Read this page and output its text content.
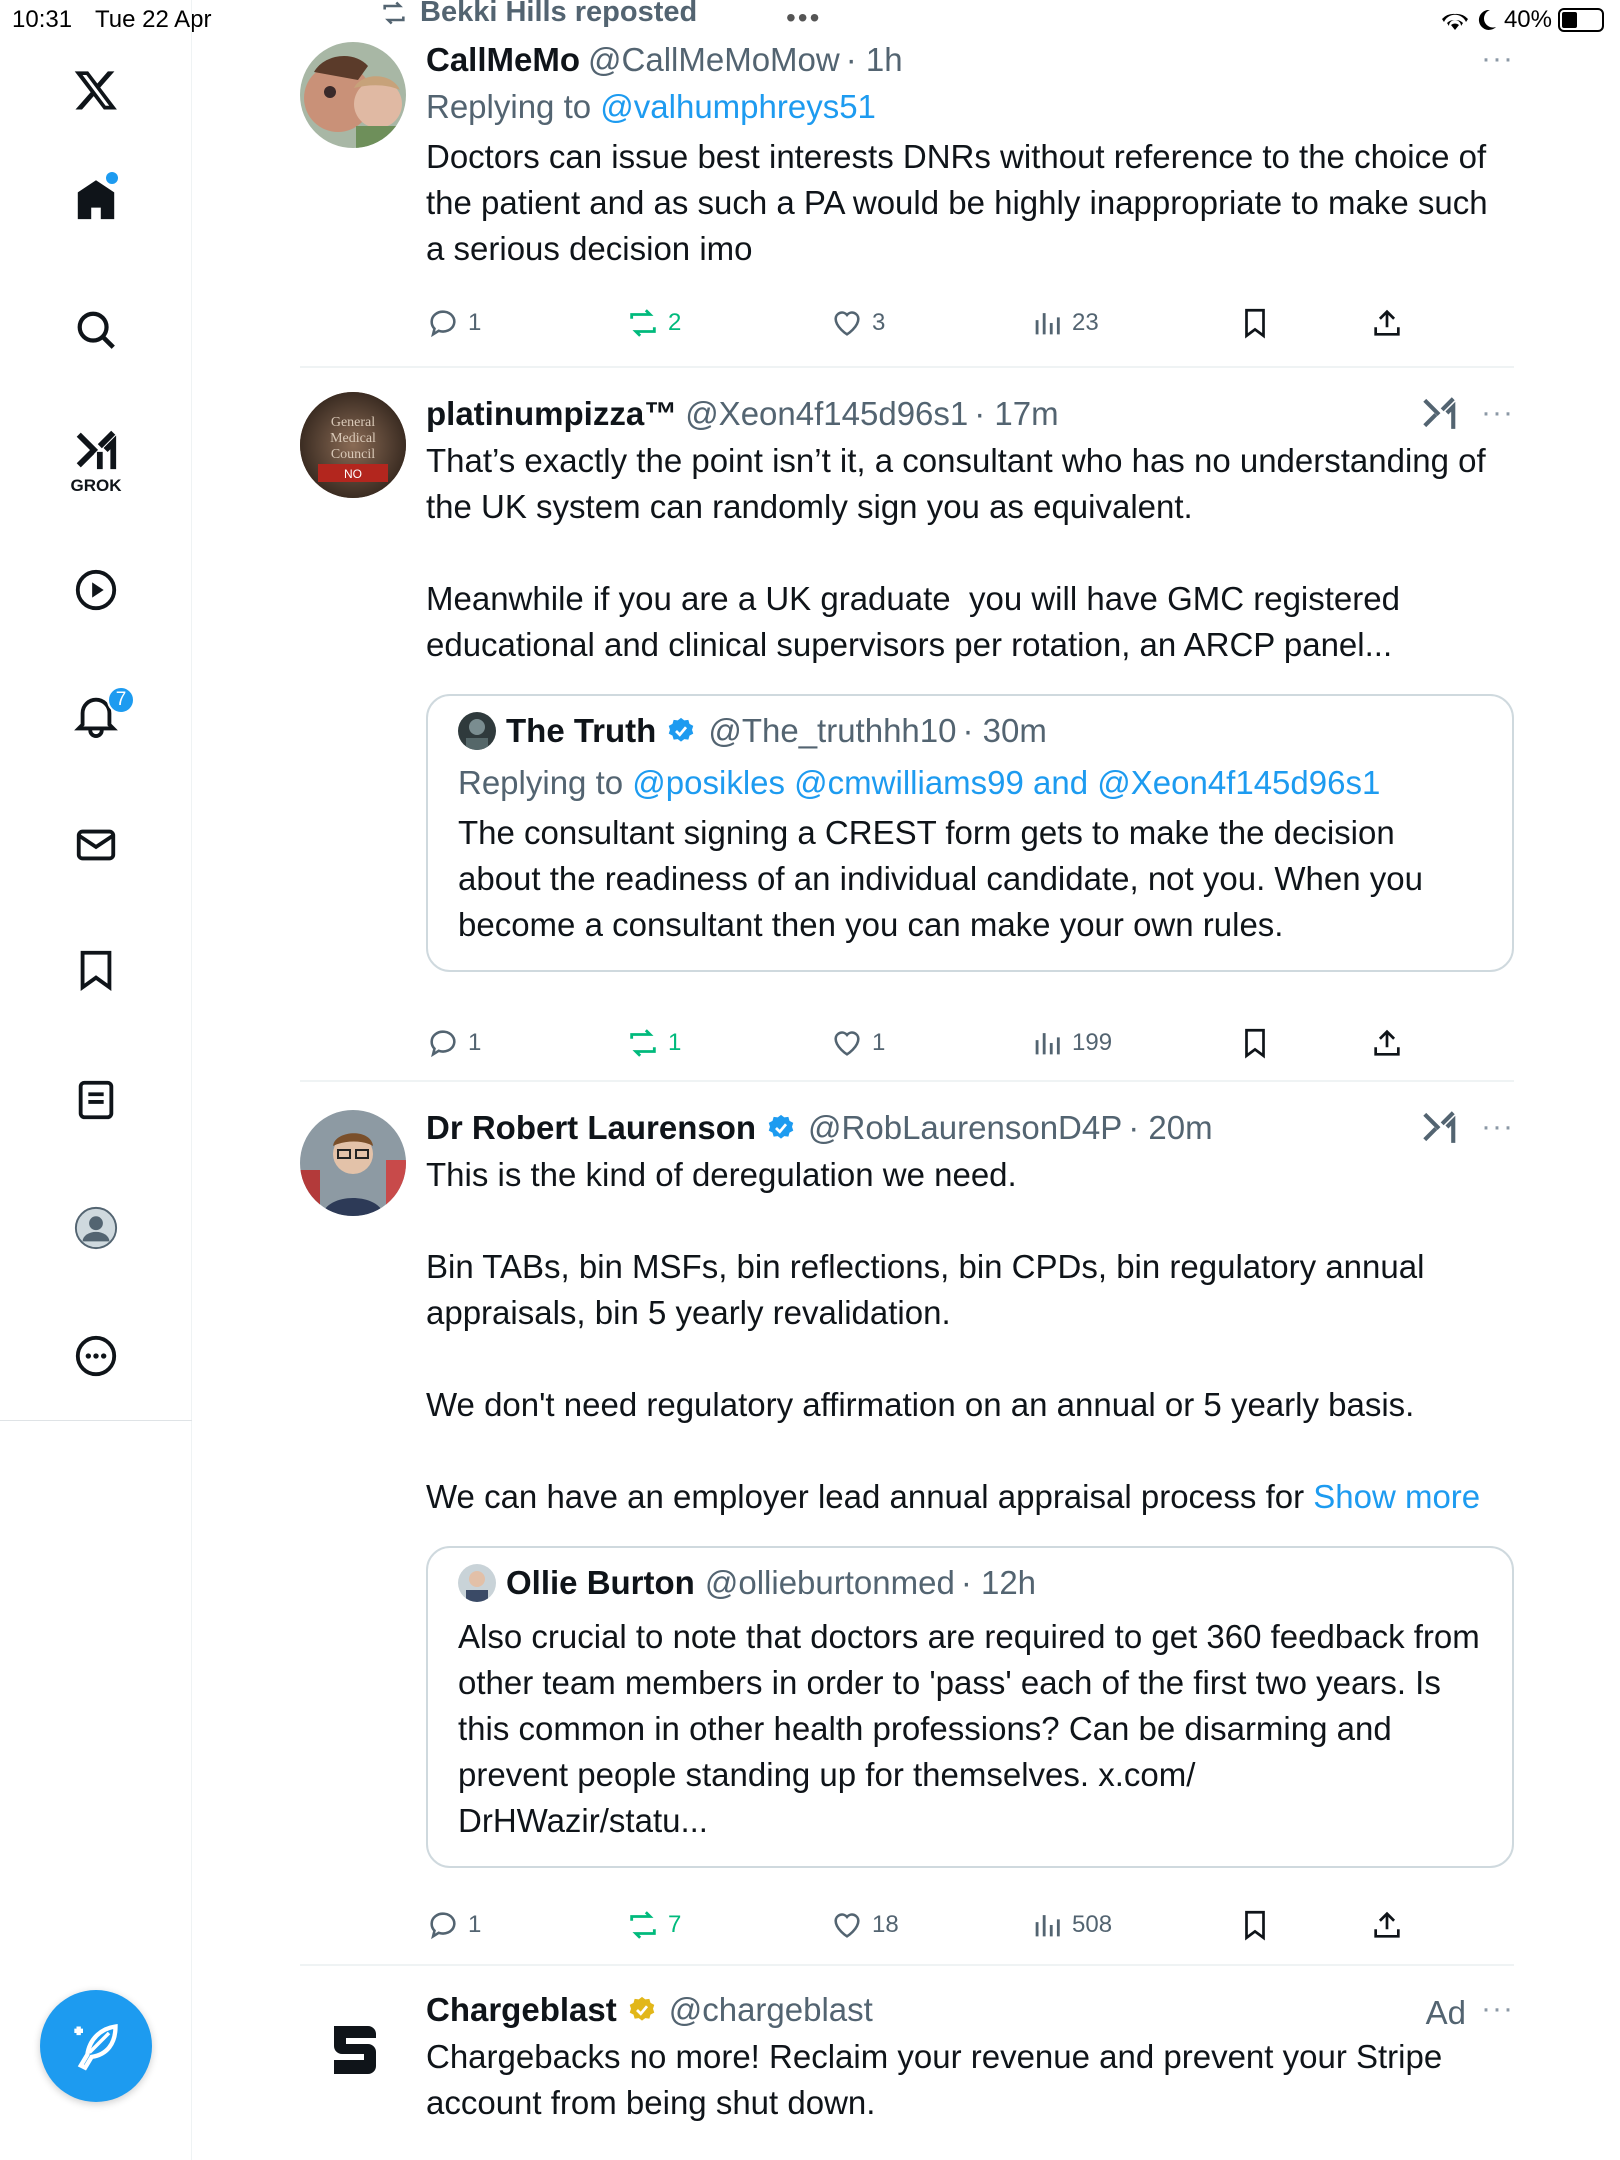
10:31 Tue 22 Apr	40%
GROK
7
•••
Bekki Hills reposted
CallMeMo @CallMeMoMow · 1h	···
Replying to @valhumphreys51
Doctors can issue best interests DNRs without reference to the choice of the patient and as such a PA would be highly inappropriate to make such a serious decision imo
1	2	3	23
General
Medical
Council
NO
platinumpizza™ @Xeon4f145d96s1 · 17m	···
That’s exactly the point isn’t it, a consultant who has no understanding of the UK system can randomly sign you as equivalent.

Meanwhile if you are a UK graduate  you will have GMC registered educational and clinical supervisors per rotation, an ARCP panel...
The Truth @The_truthhh10 · 30m
Replying to @posikles @cmwilliams99 and @Xeon4f145d96s1
The consultant signing a CREST form gets to make the decision about the readiness of an individual candidate, not you. When you become a consultant then you can make your own rules.
1	1	1	199
Dr Robert Laurenson @RobLaurensonD4P · 20m	···
This is the kind of deregulation we need.

Bin TABs, bin MSFs, bin reflections, bin CPDs, bin regulatory annual appraisals, bin 5 yearly revalidation.

We don't need regulatory affirmation on an annual or 5 yearly basis.

We can have an employer lead annual appraisal process for Show more
Ollie Burton @ollieburtonmed · 12h
Also crucial to note that doctors are required to get 360 feedback from other team members in order to 'pass' each of the first two years. Is this common in other health professions? Can be disarming and prevent people standing up for themselves. x.com/
DrHWazir/statu...
1	7	18	508
Chargeblast @chargeblast	Ad ···
Chargebacks no more! Reclaim your revenue and prevent your Stripe account from being shut down.
